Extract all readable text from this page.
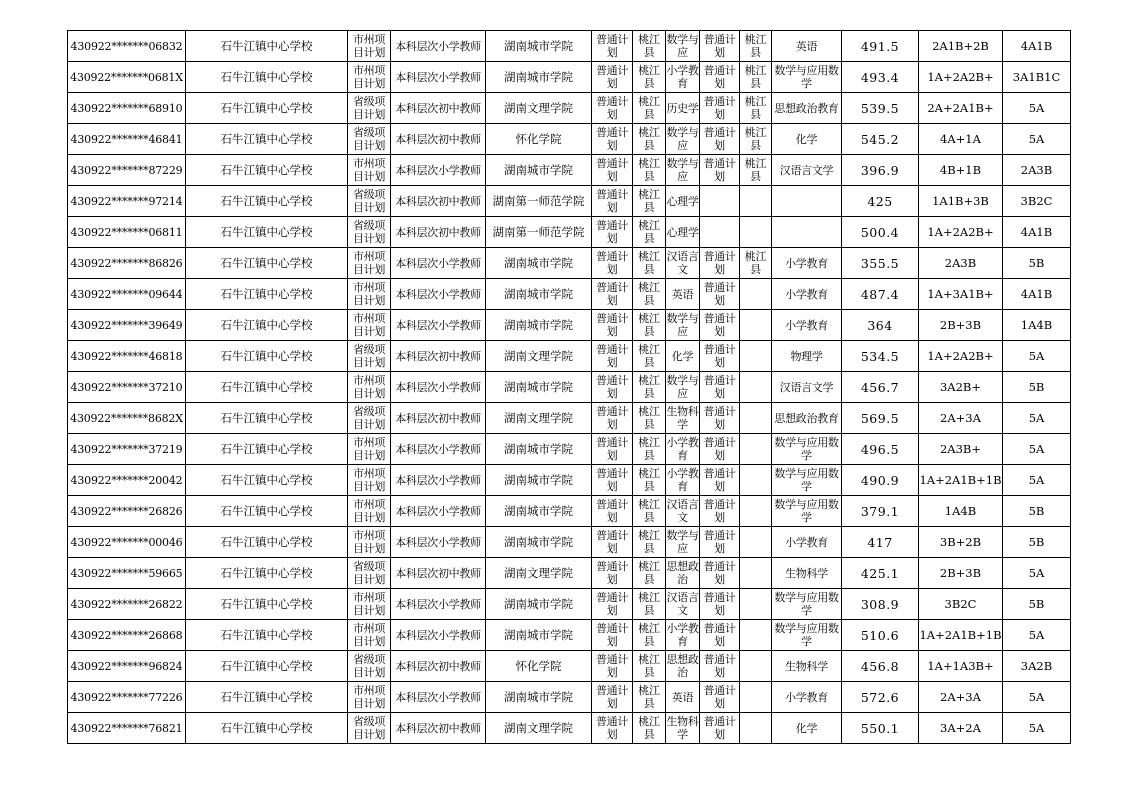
430922*******06832	石牛江镇中心学校	市州项目计划	本科层次小学教师	湖南城市学院	普通计划	桃江县	数学与应	普通计划	桃江县	英语	491.5	2A1B+2B	4A1B
430922*******0681X	石牛江镇中心学校	市州项目计划	本科层次小学教师	湖南城市学院	普通计划	桃江县	小学教育	普通计划	桃江县	数学与应用数学	493.4	1A+2A2B+	3A1B1C
430922*******68910	石牛江镇中心学校	省级项目计划	本科层次初中教师	湖南文理学院	普通计划	桃江县	历史学	普通计划	桃江县	思想政治教育	539.5	2A+2A1B+	5A
430922*******46841	石牛江镇中心学校	省级项目计划	本科层次初中教师	怀化学院	普通计划	桃江县	数学与应	普通计划	桃江县	化学	545.2	4A+1A	5A
430922*******87229	石牛江镇中心学校	市州项目计划	本科层次小学教师	湖南城市学院	普通计划	桃江县	数学与应	普通计划	桃江县	汉语言文学	396.9	4B+1B	2A3B
430922*******97214	石牛江镇中心学校	省级项目计划	本科层次初中教师	湖南第一师范学院	普通计划	桃江县	心理学				425	1A1B+3B	3B2C
430922*******06811	石牛江镇中心学校	省级项目计划	本科层次初中教师	湖南第一师范学院	普通计划	桃江县	心理学				500.4	1A+2A2B+	4A1B
430922*******86826	石牛江镇中心学校	市州项目计划	本科层次小学教师	湖南城市学院	普通计划	桃江县	汉语言文	普通计划	桃江县	小学教育	355.5	2A3B	5B
430922*******09644	石牛江镇中心学校	市州项目计划	本科层次小学教师	湖南城市学院	普通计划	桃江县	英语	普通计划		小学教育	487.4	1A+3A1B+	4A1B
430922*******39649	石牛江镇中心学校	市州项目计划	本科层次小学教师	湖南城市学院	普通计划	桃江县	数学与应	普通计划		小学教育	364	2B+3B	1A4B
430922*******46818	石牛江镇中心学校	省级项目计划	本科层次初中教师	湖南文理学院	普通计划	桃江县	化学	普通计划		物理学	534.5	1A+2A2B+	5A
430922*******37210	石牛江镇中心学校	市州项目计划	本科层次小学教师	湖南城市学院	普通计划	桃江县	数学与应	普通计划		汉语言文学	456.7	3A2B+	5B
430922*******8682X	石牛江镇中心学校	省级项目计划	本科层次初中教师	湖南文理学院	普通计划	桃江县	生物科学	普通计划		思想政治教育	569.5	2A+3A	5A
430922*******37219	石牛江镇中心学校	市州项目计划	本科层次小学教师	湖南城市学院	普通计划	桃江县	小学教育	普通计划		数学与应用数学	496.5	2A3B+	5A
430922*******20042	石牛江镇中心学校	市州项目计划	本科层次小学教师	湖南城市学院	普通计划	桃江县	小学教育	普通计划		数学与应用数学	490.9	1A+2A1B+1B	5A
430922*******26826	石牛江镇中心学校	市州项目计划	本科层次小学教师	湖南城市学院	普通计划	桃江县	汉语言文	普通计划		数学与应用数学	379.1	1A4B	5B
430922*******00046	石牛江镇中心学校	市州项目计划	本科层次小学教师	湖南城市学院	普通计划	桃江县	数学与应	普通计划		小学教育	417	3B+2B	5B
430922*******59665	石牛江镇中心学校	省级项目计划	本科层次初中教师	湖南文理学院	普通计划	桃江县	思想政治	普通计划		生物科学	425.1	2B+3B	5A
430922*******26822	石牛江镇中心学校	市州项目计划	本科层次小学教师	湖南城市学院	普通计划	桃江县	汉语言文	普通计划		数学与应用数学	308.9	3B2C	5B
430922*******26868	石牛江镇中心学校	市州项目计划	本科层次小学教师	湖南城市学院	普通计划	桃江县	小学教育	普通计划		数学与应用数学	510.6	1A+2A1B+1B	5A
430922*******96824	石牛江镇中心学校	省级项目计划	本科层次初中教师	怀化学院	普通计划	桃江县	思想政治	普通计划		生物科学	456.8	1A+1A3B+	3A2B
430922*******77226	石牛江镇中心学校	市州项目计划	本科层次小学教师	湖南城市学院	普通计划	桃江县	英语	普通计划		小学教育	572.6	2A+3A	5A
430922*******76821	石牛江镇中心学校	省级项目计划	本科层次初中教师	湖南文理学院	普通计划	桃江县	生物科学	普通计划		化学	550.1	3A+2A	5A
